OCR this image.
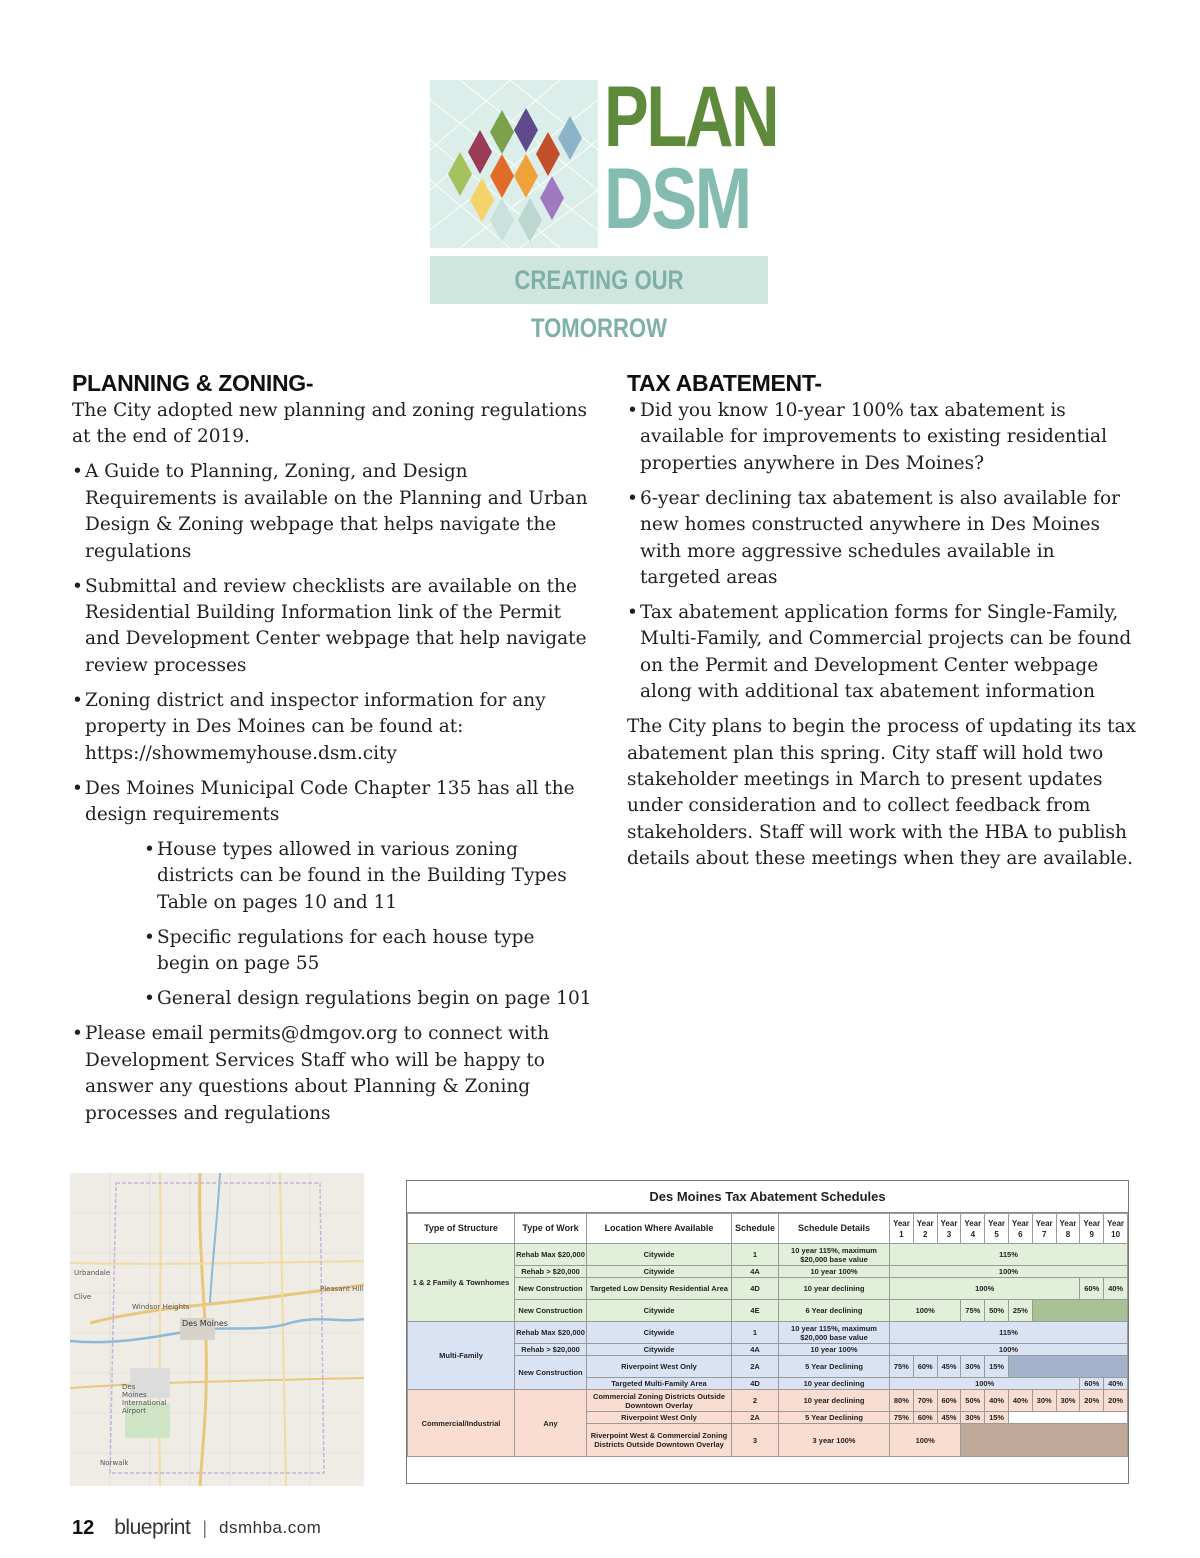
PLAN
DSM
CREATING OUR TOMORROW
PLANNING & ZONING-

The City adopted new planning and zoning regulations at the end of 2019.

• A Guide to Planning, Zoning, and Design Requirements is available on the Planning and Urban Design & Zoning webpage that helps navigate the regulations
• Submittal and review checklists are available on the Residential Building Information link of the Permit and Development Center webpage that help navigate review processes
• Zoning district and inspector information for any property in Des Moines can be found at: https://showmemyhouse.dsm.city
• Des Moines Municipal Code Chapter 135 has all the design requirements
• House types allowed in various zoning districts can be found in the Building Types Table on pages 10 and 11
• Specific regulations for each house type begin on page 55
• General design regulations begin on page 101
• Please email permits@dmgov.org to connect with Development Services Staff who will be happy to answer any questions about Planning & Zoning processes and regulations
TAX ABATEMENT-
• Did you know 10-year 100% tax abatement is available for improvements to existing residential properties anywhere in Des Moines?
• 6-year declining tax abatement is also available for new homes constructed anywhere in Des Moines with more aggressive schedules available in targeted areas
• Tax abatement application forms for Single-Family, Multi-Family, and Commercial projects can be found on the Permit and Development Center webpage along with additional tax abatement information

The City plans to begin the process of updating its tax abatement plan this spring. City staff will hold two stakeholder meetings in March to present updates under consideration and to collect feedback from stakeholders. Staff will work with the HBA to publish details about these meetings when they are available.

Des Moines
Des Moines International Airport
Urbandale
Clive
Windsor Heights
Pleasant Hill
Norwalk
Des Moines Tax Abatement Schedules
Type of Structure	Type of Work	Location Where Available	Schedule	Schedule Details	Year 1	Year 2	Year 3	Year 4	Year 5	Year 6	Year 7	Year 8	Year 9	Year 10
1 & 2 Family & Townhomes	Rehab Max $20,000	Citywide	1	10 year 115%, maximum $20,000 base value	115%									
	Rehab > $20,000	Citywide	4A	10 year 100%	100%									
	New Construction	Targeted Low Density Residential Area	4D	10 year declining	100%								60%	40%
	New Construction	Citywide	4E	6 Year declining	100%			75%	50%	25%				
Multi-Family	Rehab Max $20,000	Citywide	1	10 year 115%, maximum $20,000 base value	115%									
	Rehab > $20,000	Citywide	4A	10 year 100%	100%									
	New Construction	Riverpoint West Only	2A	5 Year Declining	75%	60%	45%	30%	15%					
		Targeted Multi-Family Area	4D	10 year declining	100%								60%	40%
Commercial/Industrial	Any	Commercial Zoning Districts Outside Downtown Overlay	2	10 year declining	80%	70%	60%	50%	40%	40%	30%	30%	20%	20%
		Riverpoint West Only	2A	5 Year Declining	75%	60%	45%	30%	15%					
		Riverpoint West & Commercial Zoning Districts Outside Downtown Overlay	3	3 year 100%	100%									
12 blueprint | dsmhba.com
